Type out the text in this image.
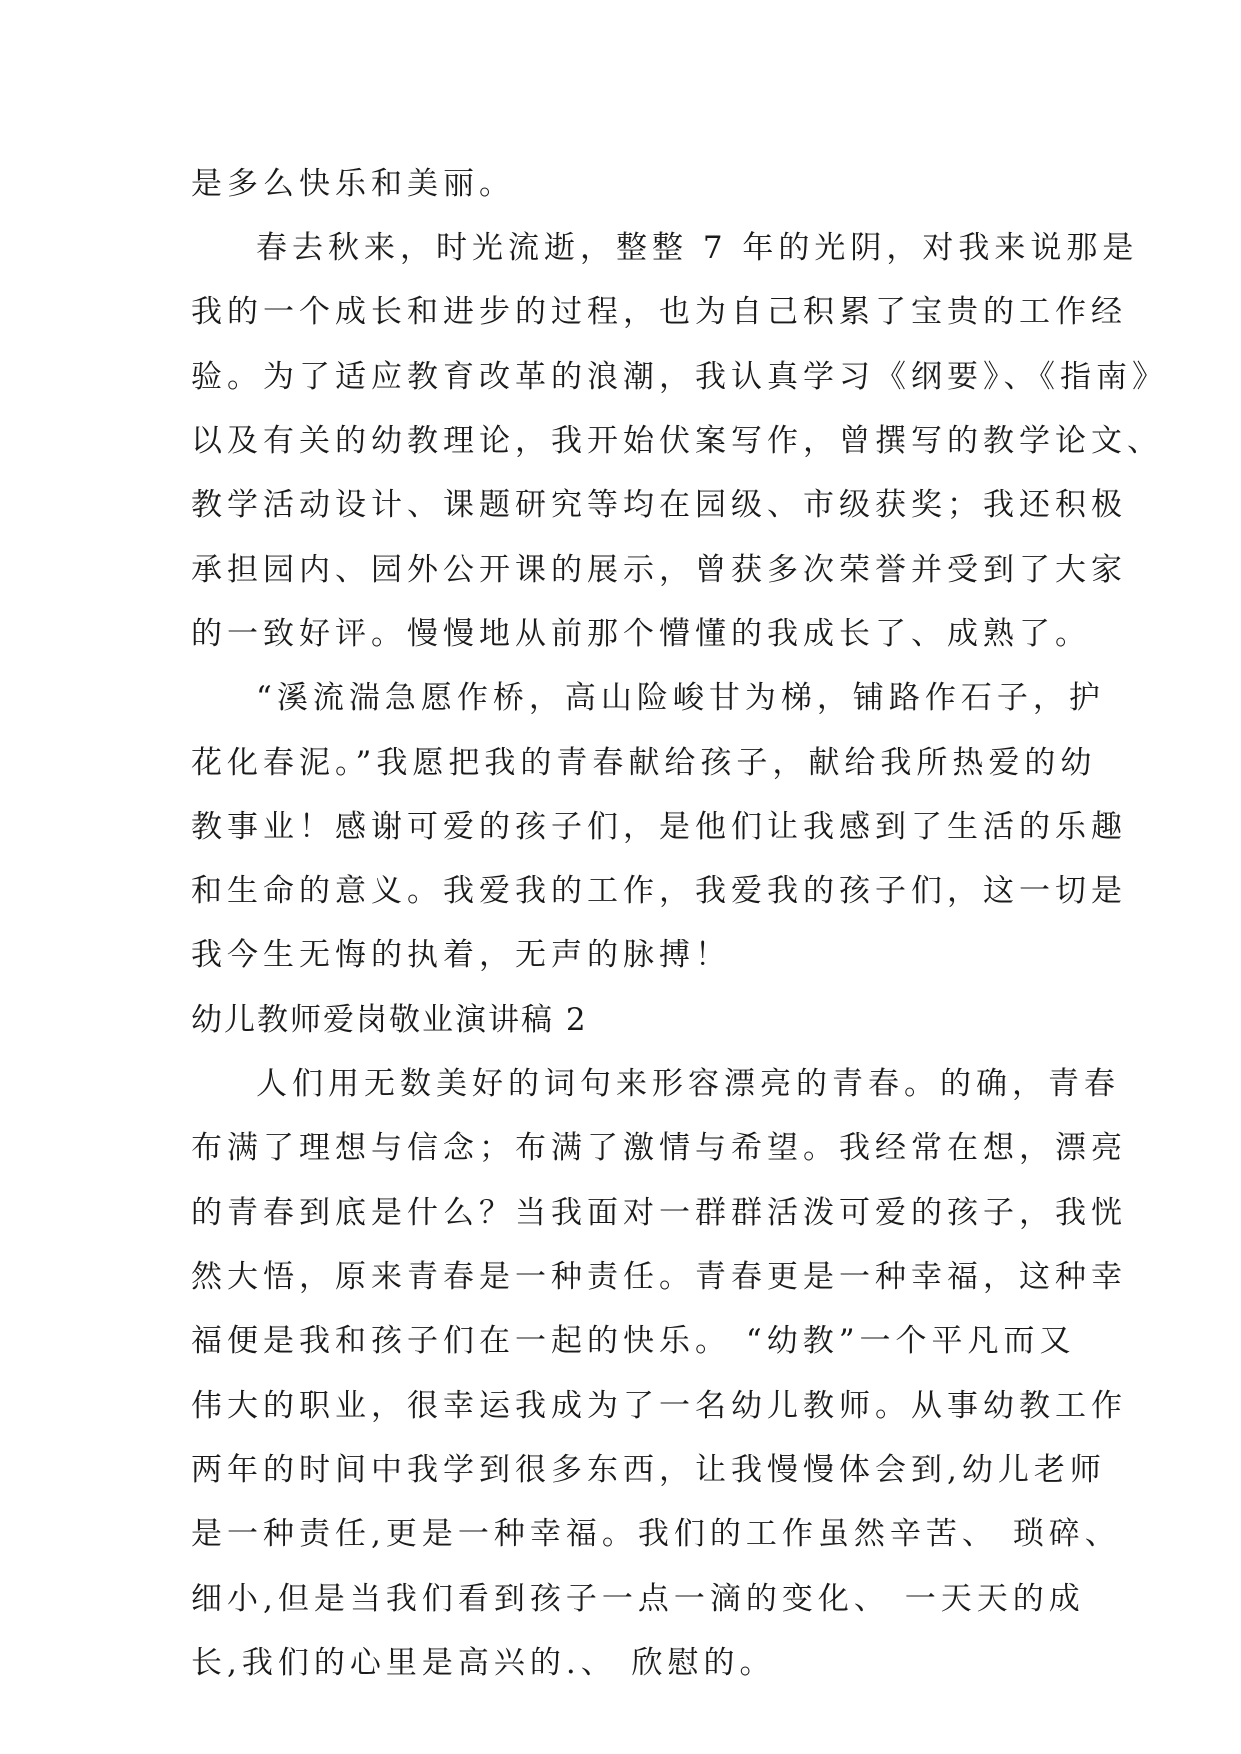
是多么快乐和美丽。

春去秋来，时光流逝，整整 7 年的光阴，对我来说那是

我的一个成长和进步的过程，也为自己积累了宝贵的工作经

验。为了适应教育改革的浪潮，我认真学习《纲要》、《指南》

以及有关的幼教理论，我开始伏案写作，曾撰写的教学论文、

教学活动设计、课题研究等均在园级、市级获奖；我还积极

承担园内、园外公开课的展示，曾获多次荣誉并受到了大家

的一致好评。慢慢地从前那个懵懂的我成长了、成熟了。

“溪流湍急愿作桥，高山险峻甘为梯，铺路作石子，护

花化春泥。”我愿把我的青春献给孩子，献给我所热爱的幼

教事业！感谢可爱的孩子们，是他们让我感到了生活的乐趣

和生命的意义。我爱我的工作，我爱我的孩子们，这一切是

我今生无悔的执着，无声的脉搏！

幼儿教师爱岗敬业演讲稿 2

人们用无数美好的词句来形容漂亮的青春。的确，青春

布满了理想与信念；布满了激情与希望。我经常在想，漂亮

的青春到底是什么？当我面对一群群活泼可爱的孩子，我恍

然大悟，原来青春是一种责任。青春更是一种幸福，这种幸

福便是我和孩子们在一起的快乐。 “幼教”一个平凡而又

伟大的职业，很幸运我成为了一名幼儿教师。从事幼教工作

两年的时间中我学到很多东西，让我慢慢体会到,幼儿老师

是一种责任,更是一种幸福。我们的工作虽然辛苦、 琐碎、

细小,但是当我们看到孩子一点一滴的变化、 一天天的成

长,我们的心里是高兴的.、 欣慰的。
